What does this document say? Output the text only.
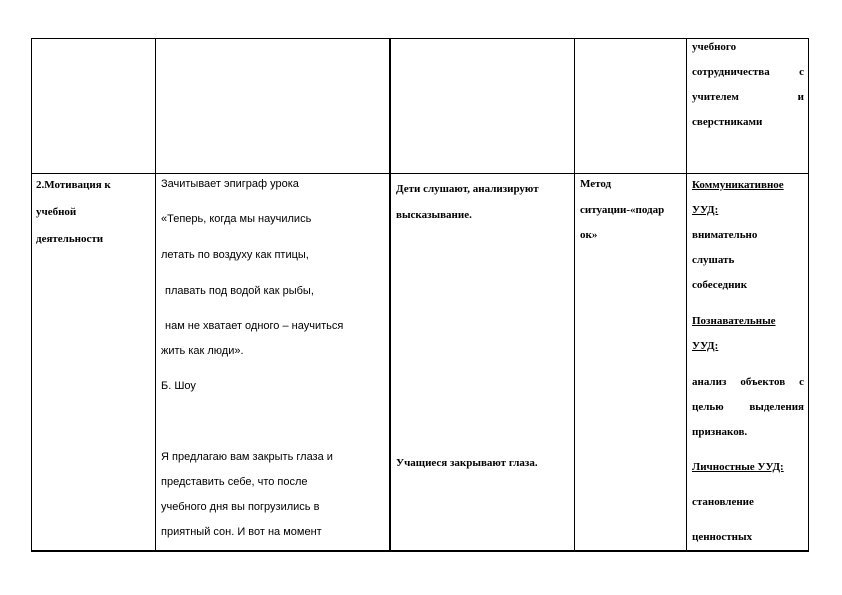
учебного
сотрудничества	с
учителем	и
сверстниками
2.Мотивация к
учебной
деятельности
Зачитывает эпиграф урока
«Теперь, когда мы научились
летать по воздуху как птицы,
плавать под водой как рыбы,
нам не хватает одного – научиться
жить как люди».
Б. Шоу
Я предлагаю вам закрыть глаза и
представить себе, что после
учебного дня вы погрузились в
приятный сон. И вот на момент
Дети слушают, анализируют
высказывание.
Учащиеся закрывают глаза.
Метод
ситуации-«подар
ок»
Коммуникативное
УУД:
внимательно
слушать
собеседник
Познавательные
УУД:
анализ объектов с
целью выделения
признаков.
Личностные УУД:
становление
ценностных
